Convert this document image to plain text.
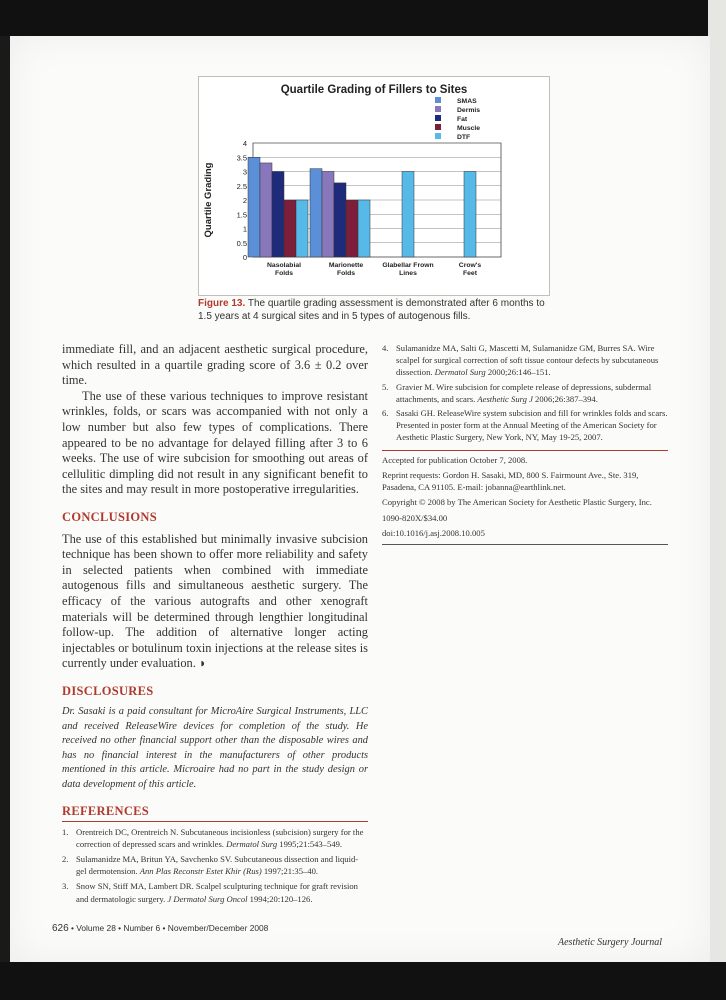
Quartile Grading of Fillers to Sites
0
0.5
1
1.5
2
2.5
3
3.5
4
Quartile Grading
Nasolabial
Folds
Marionette
Folds
Glabellar Frown
Lines
Crow's
Feet
SMAS
Dermis
Fat
Muscle
DTF
Figure 13. The quartile grading assessment is demonstrated after 6 months to 1.5 years at 4 surgical sites and in 5 types of autogenous fills.

immediate fill, and an adjacent aesthetic surgical procedure, which resulted in a quartile grading score of 3.6 ± 0.2 over time.

The use of these various techniques to improve resistant wrinkles, folds, or scars was accompanied with not only a low number but also few types of complications. There appeared to be no advantage for delayed filling after 3 to 6 weeks. The use of wire subcision for smoothing out areas of cellulitic dimpling did not result in any significant benefit to the sites and may result in more postoperative irregularities.

CONCLUSIONS

The use of this established but minimally invasive subcision technique has been shown to offer more reliability and safety in selected patients when combined with immediate autogenous fills and simultaneous aesthetic surgery. The efficacy of the various autografts and other xenograft materials will be determined through lengthier longitudinal follow-up. The addition of alternative longer acting injectables or botulinum toxin injections at the release sites is currently under evaluation. ◗

DISCLOSURES

Dr. Sasaki is a paid consultant for MicroAire Surgical Instruments, LLC and received ReleaseWire devices for completion of the study. He received no other financial support other than the disposable wires and has no financial interest in the manufacturers of other products mentioned in this article. Microaire had no part in the study design or data development of this article.

REFERENCES
1. Orentreich DC, Orentreich N. Subcutaneous incisionless (subcision) surgery for the correction of depressed scars and wrinkles. Dermatol Surg 1995;21:543–549.
2. Sulamanidze MA, Britun YA, Savchenko SV. Subcutaneous dissection and liquid-gel dermotension. Ann Plas Reconstr Estet Khir (Rus) 1997;21:35–40.
3. Snow SN, Stiff MA, Lambert DR. Scalpel sculpturing technique for graft revision and dermatologic surgery. J Dermatol Surg Oncol 1994;20:120–126.
4. Sulamanidze MA, Salti G, Mascetti M, Sulamanidze GM, Burres SA. Wire scalpel for surgical correction of soft tissue contour defects by subcutaneous dissection. Dermatol Surg 2000;26:146–151.
5. Gravier M. Wire subcision for complete release of depressions, subdermal attachments, and scars. Aesthetic Surg J 2006;26:387–394.
6. Sasaki GH. ReleaseWire system subcision and fill for wrinkles folds and scars. Presented in poster form at the Annual Meeting of the American Society for Aesthetic Plastic Surgery, New York, NY, May 19-25, 2007.

Accepted for publication October 7, 2008.

Reprint requests: Gordon H. Sasaki, MD, 800 S. Fairmount Ave., Ste. 319, Pasadena, CA 91105. E-mail: jobanna@earthlink.net.

Copyright © 2008 by The American Society for Aesthetic Plastic Surgery, Inc.

1090-820X/$34.00

doi:10.1016/j.asj.2008.10.005

626 • Volume 28 • Number 6 • November/December 2008
Aesthetic Surgery Journal
